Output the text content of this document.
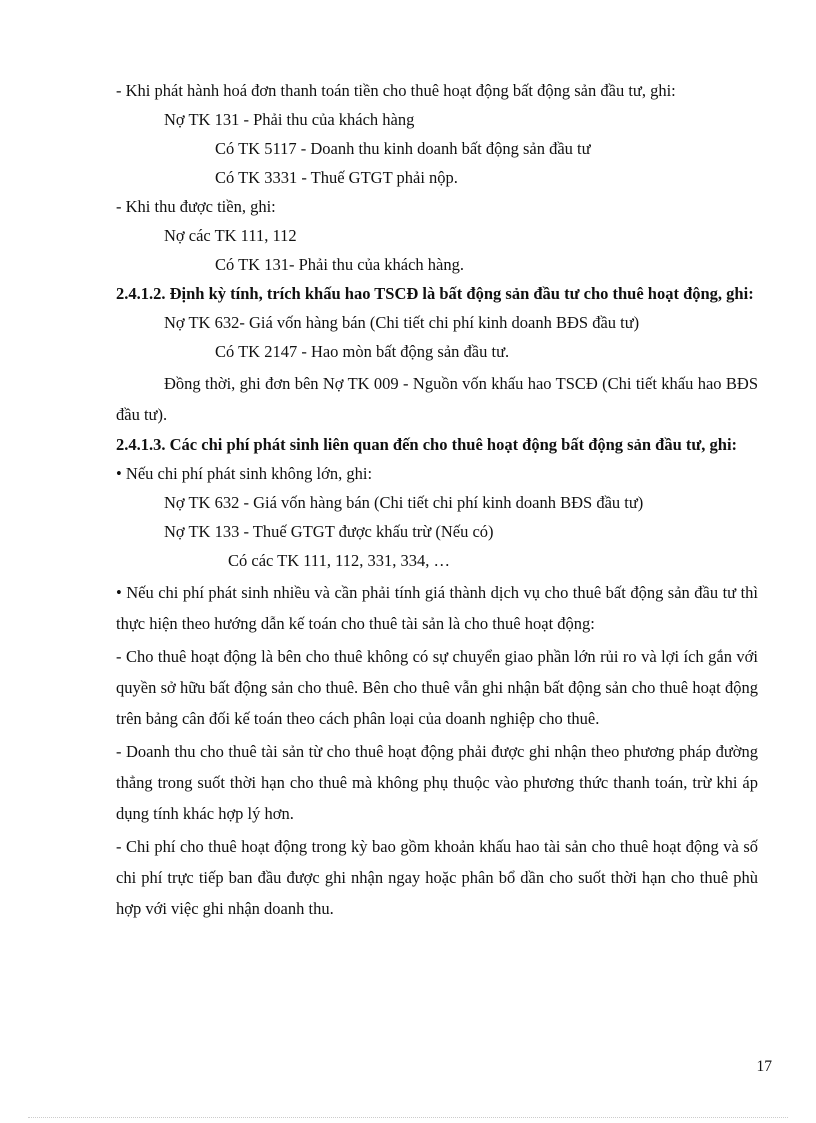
- Khi phát hành hoá đơn thanh toán tiền cho thuê hoạt động bất động sản đầu tư, ghi:
Nợ TK 131 - Phải thu của khách hàng
Có TK 5117 - Doanh thu kinh doanh bất động sản đầu tư
Có TK 3331 - Thuế GTGT phải nộp.
- Khi thu được tiền, ghi:
Nợ các TK 111, 112
Có TK 131- Phải thu của khách hàng.
2.4.1.2. Định kỳ tính, trích khấu hao TSCĐ là bất động sản đầu tư cho thuê hoạt động, ghi:
Nợ TK 632- Giá vốn hàng bán (Chi tiết chi phí kinh doanh BĐS đầu tư)
Có TK 2147 - Hao mòn bất động sản đầu tư.
Đồng thời, ghi đơn bên Nợ TK 009 - Nguồn vốn khấu hao TSCĐ (Chi tiết khấu hao BĐS đầu tư).
2.4.1.3. Các chi phí phát sinh liên quan đến cho thuê hoạt động bất động sản đầu tư, ghi:
• Nếu chi phí phát sinh không lớn, ghi:
Nợ TK 632 - Giá vốn hàng bán (Chi tiết chi phí kinh doanh BĐS đầu tư)
Nợ TK 133 - Thuế GTGT được khấu trừ (Nếu có)
Có các TK 111, 112, 331, 334, …
• Nếu chi phí phát sinh nhiều và cần phải tính giá thành dịch vụ cho thuê bất động sản đầu tư thì thực hiện theo hướng dẫn kế toán cho thuê tài sản là cho thuê hoạt động:
- Cho thuê hoạt động là bên cho thuê không có sự chuyển giao phần lớn rủi ro và lợi ích gắn với quyền sở hữu bất động sản cho thuê. Bên cho thuê vẫn ghi nhận bất động sản cho thuê hoạt động trên bảng cân đối kế toán theo cách phân loại của doanh nghiệp cho thuê.
- Doanh thu cho thuê tài sản từ cho thuê hoạt động phải được ghi nhận theo phương pháp đường thẳng trong suốt thời hạn cho thuê mà không phụ thuộc vào phương thức thanh toán, trừ khi áp dụng tính khác hợp lý hơn.
- Chi phí cho thuê hoạt động trong kỳ bao gồm khoản khấu hao tài sản cho thuê hoạt động và số chi phí trực tiếp ban đầu được ghi nhận ngay hoặc phân bổ dần cho suốt thời hạn cho thuê phù hợp với việc ghi nhận doanh thu.
17
